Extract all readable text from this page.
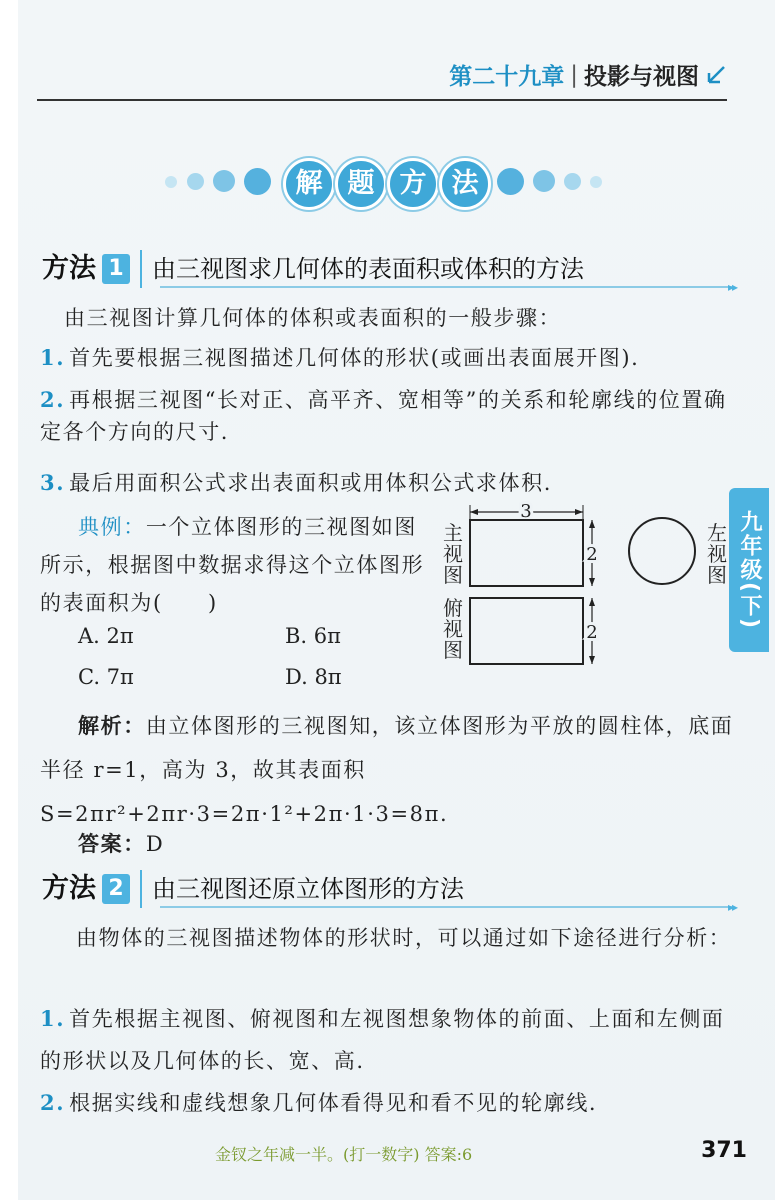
第二十九章 | 投影与视图
解 题 方 法
方法 1	由三视图求几何体的表面积或体积的方法
▸▸
由三视图计算几何体的体积或表面积的一般步骤：
1. 首先要根据三视图描述几何体的形状(或画出表面展开图).
2. 再根据三视图“长对正、高平齐、宽相等”的关系和轮廓线的位置确定各个方向的尺寸.
3. 最后用面积公式求出表面积或用体积公式求体积.
典例：一个立体图形的三视图如图所示，根据图中数据求得这个立体图形的表面积为(　　)
A. 2π	B. 6π
C. 7π	D. 8π
主视图
俯视图
左视图
3
2
2
解析：由立体图形的三视图知，该立体图形为平放的圆柱体，底面半径 r=1，高为 3，故其表面积 S=2πr²+2πr·3=2π·1²+2π·1·3=8π.
答案：D
方法 2	由三视图还原立体图形的方法
▸▸
由物体的三视图描述物体的形状时，可以通过如下途径进行分析：
1. 首先根据主视图、俯视图和左视图想象物体的前面、上面和左侧面的形状以及几何体的长、宽、高.
2. 根据实线和虚线想象几何体看得见和看不见的轮廓线.
九年级(下)
金钗之年减一半。(打一数字) 答案:6	371
